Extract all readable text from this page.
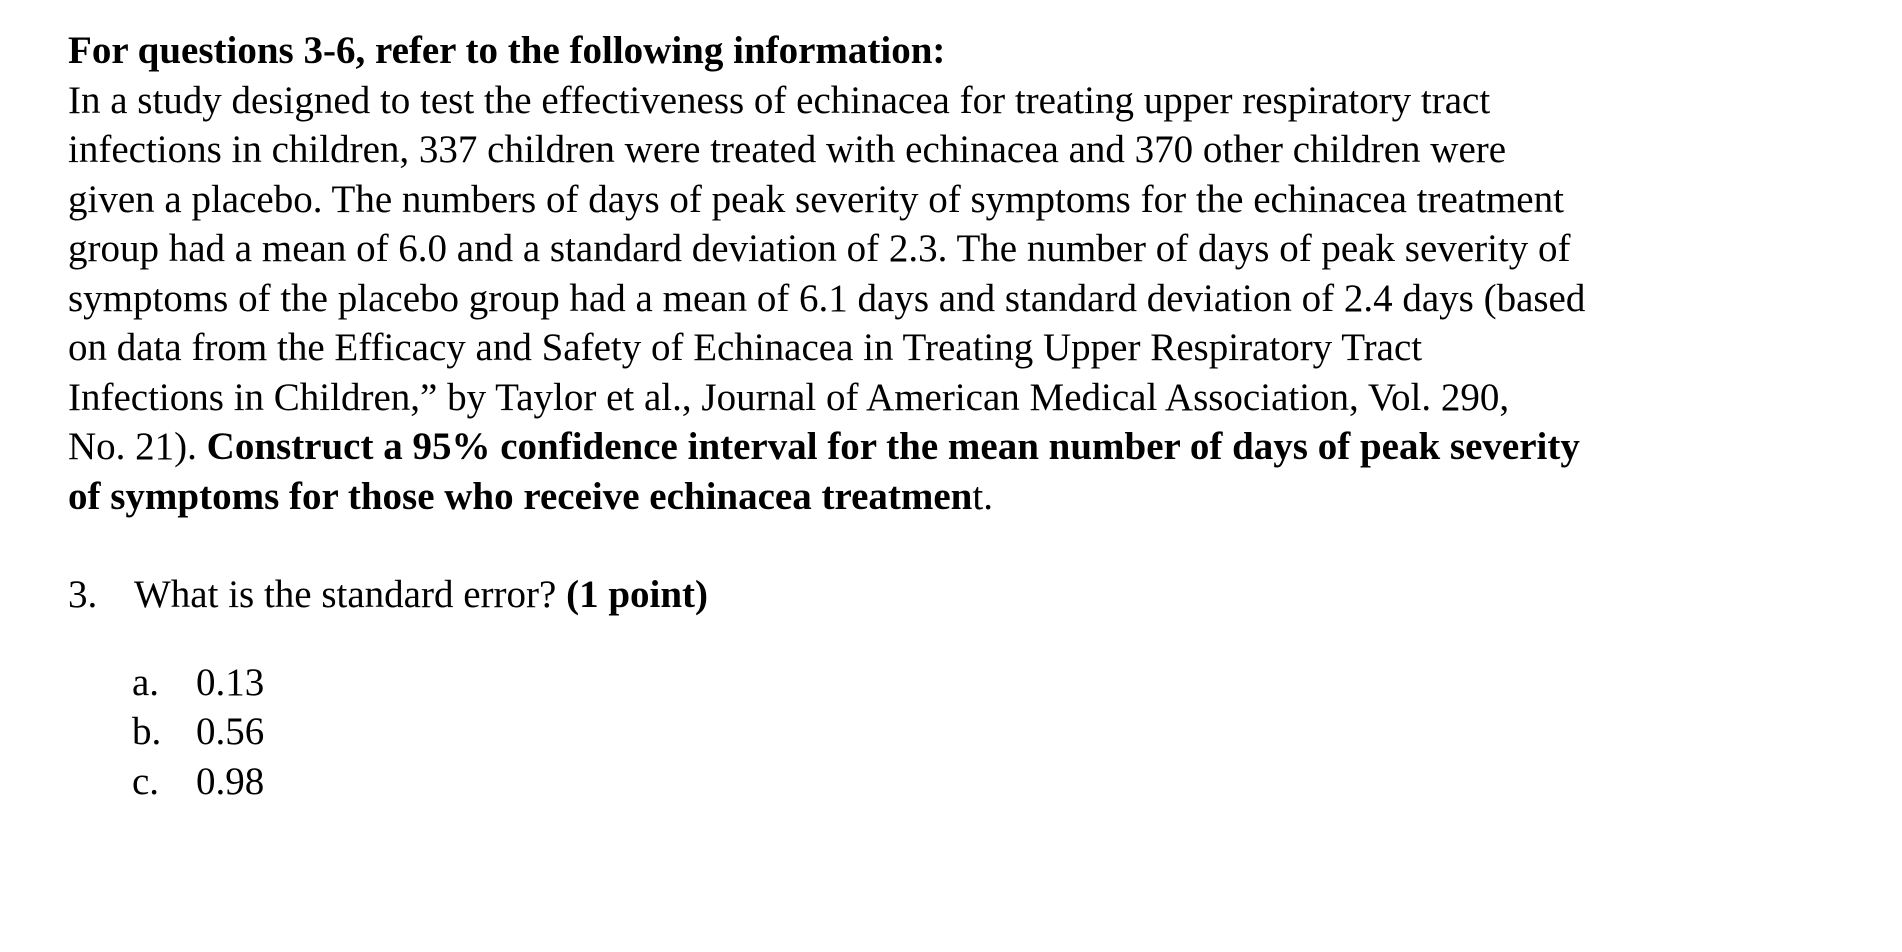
For questions 3-6, refer to the following information:

In a study designed to test the effectiveness of echinacea for treating upper respiratory tract

infections in children, 337 children were treated with echinacea and 370 other children were

given a placebo. The numbers of days of peak severity of symptoms for the echinacea treatment

group had a mean of 6.0 and a standard deviation of 2.3. The number of days of peak severity of

symptoms of the placebo group had a mean of 6.1 days and standard deviation of 2.4 days (based

on data from the Efficacy and Safety of Echinacea in Treating Upper Respiratory Tract

Infections in Children,” by Taylor et al., Journal of American Medical Association, Vol. 290,

No. 21). Construct a 95% confidence interval for the mean number of days of peak severity

of symptoms for those who receive echinacea treatment.

3. What is the standard error? (1 point)
a. 0.13
b. 0.56
c. 0.98
